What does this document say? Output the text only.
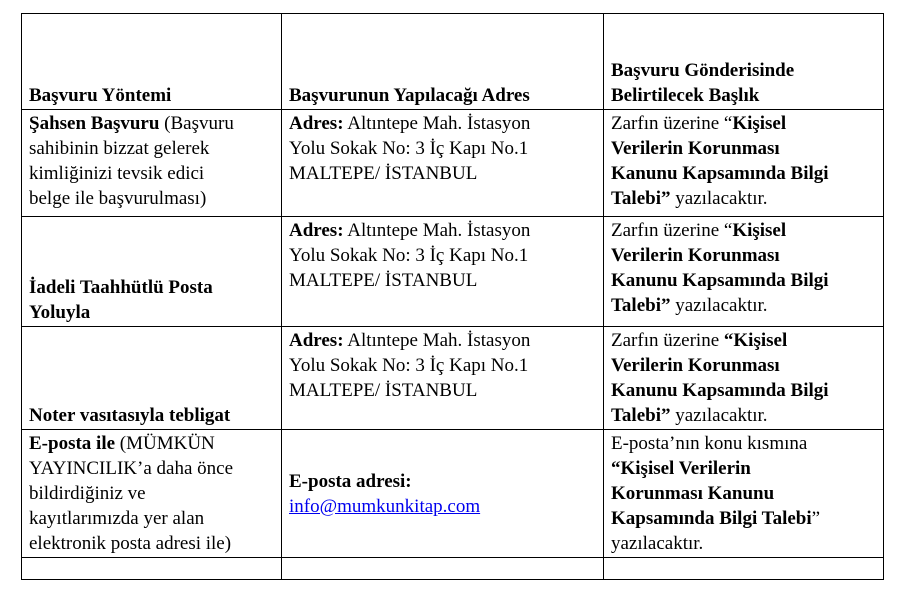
Başvuru Yöntemi	Başvurunun Yapılacağı Adres	Başvuru Gönderisinde
Belirtilecek Başlık

Şahsen Başvuru (Başvuru
sahibinin bizzat gelerek
kimliğinizi tevsik edici
belge ile başvurulması)	Adres: Altıntepe Mah. İstasyon
Yolu Sokak No: 3 İç Kapı No.1
MALTEPE/ İSTANBUL	Zarfın üzerine “Kişisel
Verilerin Korunması
Kanunu Kapsamında Bilgi
Talebi” yazılacaktır.

İadeli Taahhütlü Posta
Yoluyla	Adres: Altıntepe Mah. İstasyon
Yolu Sokak No: 3 İç Kapı No.1
MALTEPE/ İSTANBUL	Zarfın üzerine “Kişisel
Verilerin Korunması
Kanunu Kapsamında Bilgi
Talebi” yazılacaktır.

Noter vasıtasıyla tebligat	Adres: Altıntepe Mah. İstasyon
Yolu Sokak No: 3 İç Kapı No.1
MALTEPE/ İSTANBUL	Zarfın üzerine “Kişisel
Verilerin Korunması
Kanunu Kapsamında Bilgi
Talebi” yazılacaktır.

E-posta ile (MÜMKÜN
YAYINCILIK’a daha önce
bildirdiğiniz ve
kayıtlarımızda yer alan
elektronik posta adresi ile)	E-posta adresi:
info@mumkunkitap.com	E-posta’nın konu kısmına
“Kişisel Verilerin
Korunması Kanunu
Kapsamında Bilgi Talebi”
yazılacaktır.
